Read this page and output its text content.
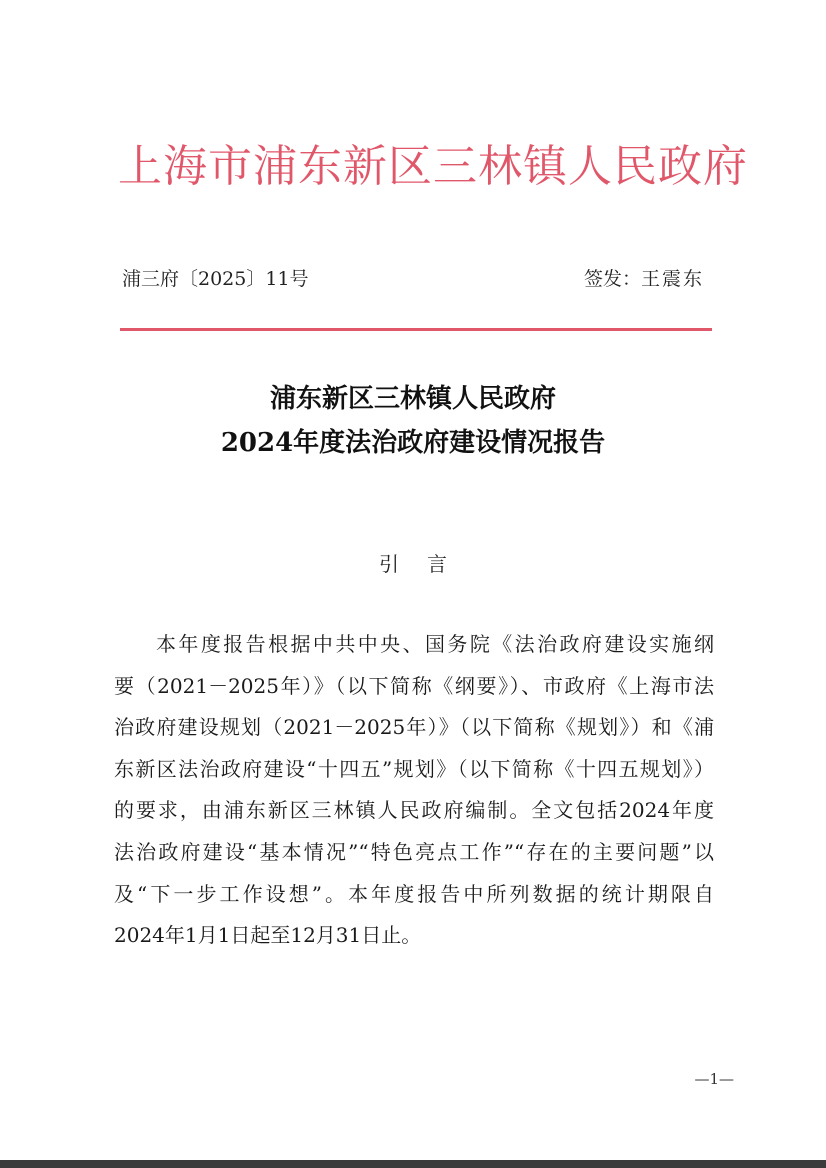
上海市浦东新区三林镇人民政府
浦三府〔2025〕11号	签发：王震东
浦东新区三林镇人民政府
2024年度法治政府建设情况报告
引言
本年度报告根据中共中央、国务院《法治政府建设实施纲
要（2021－2025年）》（以下简称《纲要》）、市政府《上海市法
治政府建设规划（2021－2025年）》（以下简称《规划》）和《浦
东新区法治政府建设“十四五”规划》（以下简称《十四五规划》）
的要求，由浦东新区三林镇人民政府编制。全文包括2024年度
法治政府建设“基本情况”“特色亮点工作”“存在的主要问题”以
及“下一步工作设想”。本年度报告中所列数据的统计期限自
2024年1月1日起至12月31日止。
—1—
